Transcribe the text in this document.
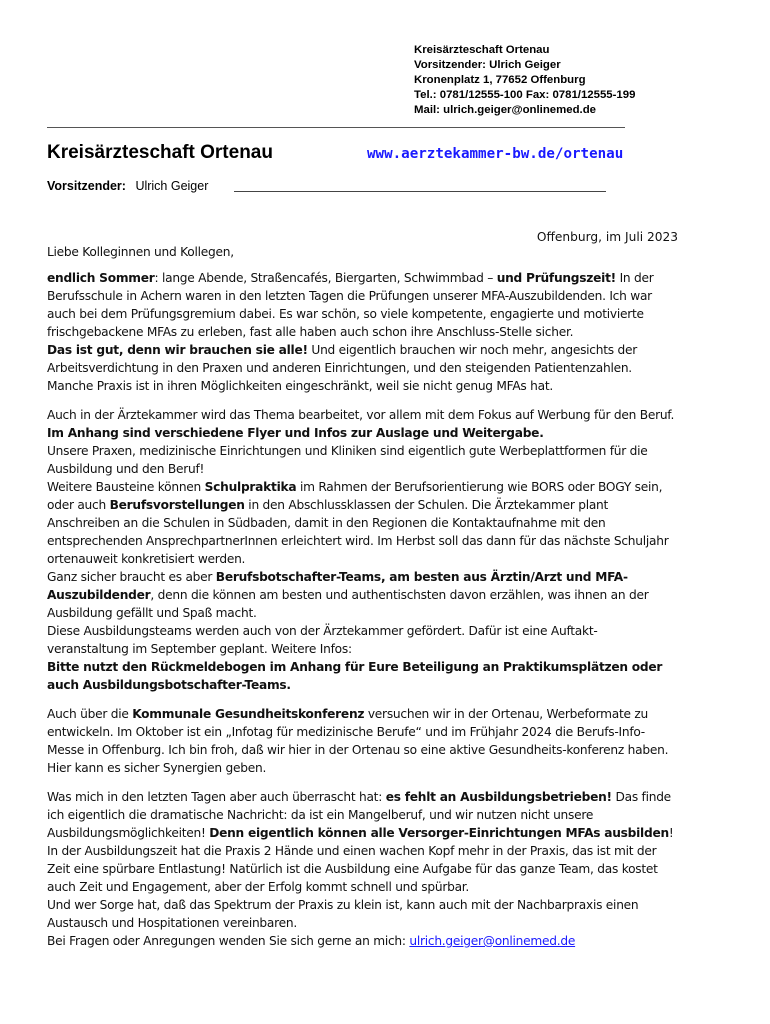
Kreisärzteschaft Ortenau
Vorsitzender: Ulrich Geiger
Kronenplatz 1, 77652 Offenburg
Tel.: 0781/12555-100 Fax: 0781/12555-199
Mail: ulrich.geiger@onlinemed.de
Kreisärzteschaft Ortenau	www.aerztekammer-bw.de/ortenau
Vorsitzender: Ulrich Geiger
Offenburg, im Juli 2023

Liebe Kolleginnen und Kollegen,

endlich Sommer: lange Abende, Straßencafés, Biergarten, Schwimmbad – und Prüfungszeit! In der Berufsschule in Achern waren in den letzten Tagen die Prüfungen unserer MFA-Auszubildenden. Ich war auch bei dem Prüfungsgremium dabei. Es war schön, so viele kompetente, engagierte und motivierte frischgebackene MFAs zu erleben, fast alle haben auch schon ihre Anschluss-Stelle sicher.

Das ist gut, denn wir brauchen sie alle! Und eigentlich brauchen wir noch mehr, angesichts der Arbeitsverdichtung in den Praxen und anderen Einrichtungen, und den steigenden Patientenzahlen. Manche Praxis ist in ihren Möglichkeiten eingeschränkt, weil sie nicht genug MFAs hat.

Auch in der Ärztekammer wird das Thema bearbeitet, vor allem mit dem Fokus auf Werbung für den Beruf. Im Anhang sind verschiedene Flyer und Infos zur Auslage und Weitergabe.

Unsere Praxen, medizinische Einrichtungen und Kliniken sind eigentlich gute Werbeplattformen für die Ausbildung und den Beruf!

Weitere Bausteine können Schulpraktika im Rahmen der Berufsorientierung wie BORS oder BOGY sein, oder auch Berufsvorstellungen in den Abschlussklassen der Schulen. Die Ärztekammer plant Anschreiben an die Schulen in Südbaden, damit in den Regionen die Kontaktaufnahme mit den entsprechenden AnsprechpartnerInnen erleichtert wird. Im Herbst soll das dann für das nächste Schuljahr ortenauweit konkretisiert werden.

Ganz sicher braucht es aber Berufsbotschafter-Teams, am besten aus Ärztin/Arzt und MFA-Auszubildender, denn die können am besten und authentischsten davon erzählen, was ihnen an der Ausbildung gefällt und Spaß macht.

Diese Ausbildungsteams werden auch von der Ärztekammer gefördert. Dafür ist eine Auftakt-veranstaltung im September geplant. Weitere Infos:

Bitte nutzt den Rückmeldebogen im Anhang für Eure Beteiligung an Praktikumsplätzen oder auch Ausbildungsbotschafter-Teams.

Auch über die Kommunale Gesundheitskonferenz versuchen wir in der Ortenau, Werbeformate zu entwickeln. Im Oktober ist ein „Infotag für medizinische Berufe“ und im Frühjahr 2024 die Berufs-Info-Messe in Offenburg. Ich bin froh, daß wir hier in der Ortenau so eine aktive Gesundheits-konferenz haben. Hier kann es sicher Synergien geben.

Was mich in den letzten Tagen aber auch überrascht hat: es fehlt an Ausbildungsbetrieben! Das finde ich eigentlich die dramatische Nachricht: da ist ein Mangelberuf, und wir nutzen nicht unsere Ausbildungsmöglichkeiten! Denn eigentlich können alle Versorger-Einrichtungen MFAs ausbilden!

In der Ausbildungszeit hat die Praxis 2 Hände und einen wachen Kopf mehr in der Praxis, das ist mit der Zeit eine spürbare Entlastung! Natürlich ist die Ausbildung eine Aufgabe für das ganze Team, das kostet auch Zeit und Engagement, aber der Erfolg kommt schnell und spürbar.

Und wer Sorge hat, daß das Spektrum der Praxis zu klein ist, kann auch mit der Nachbarpraxis einen Austausch und Hospitationen vereinbaren.

Bei Fragen oder Anregungen wenden Sie sich gerne an mich: ulrich.geiger@onlinemed.de
